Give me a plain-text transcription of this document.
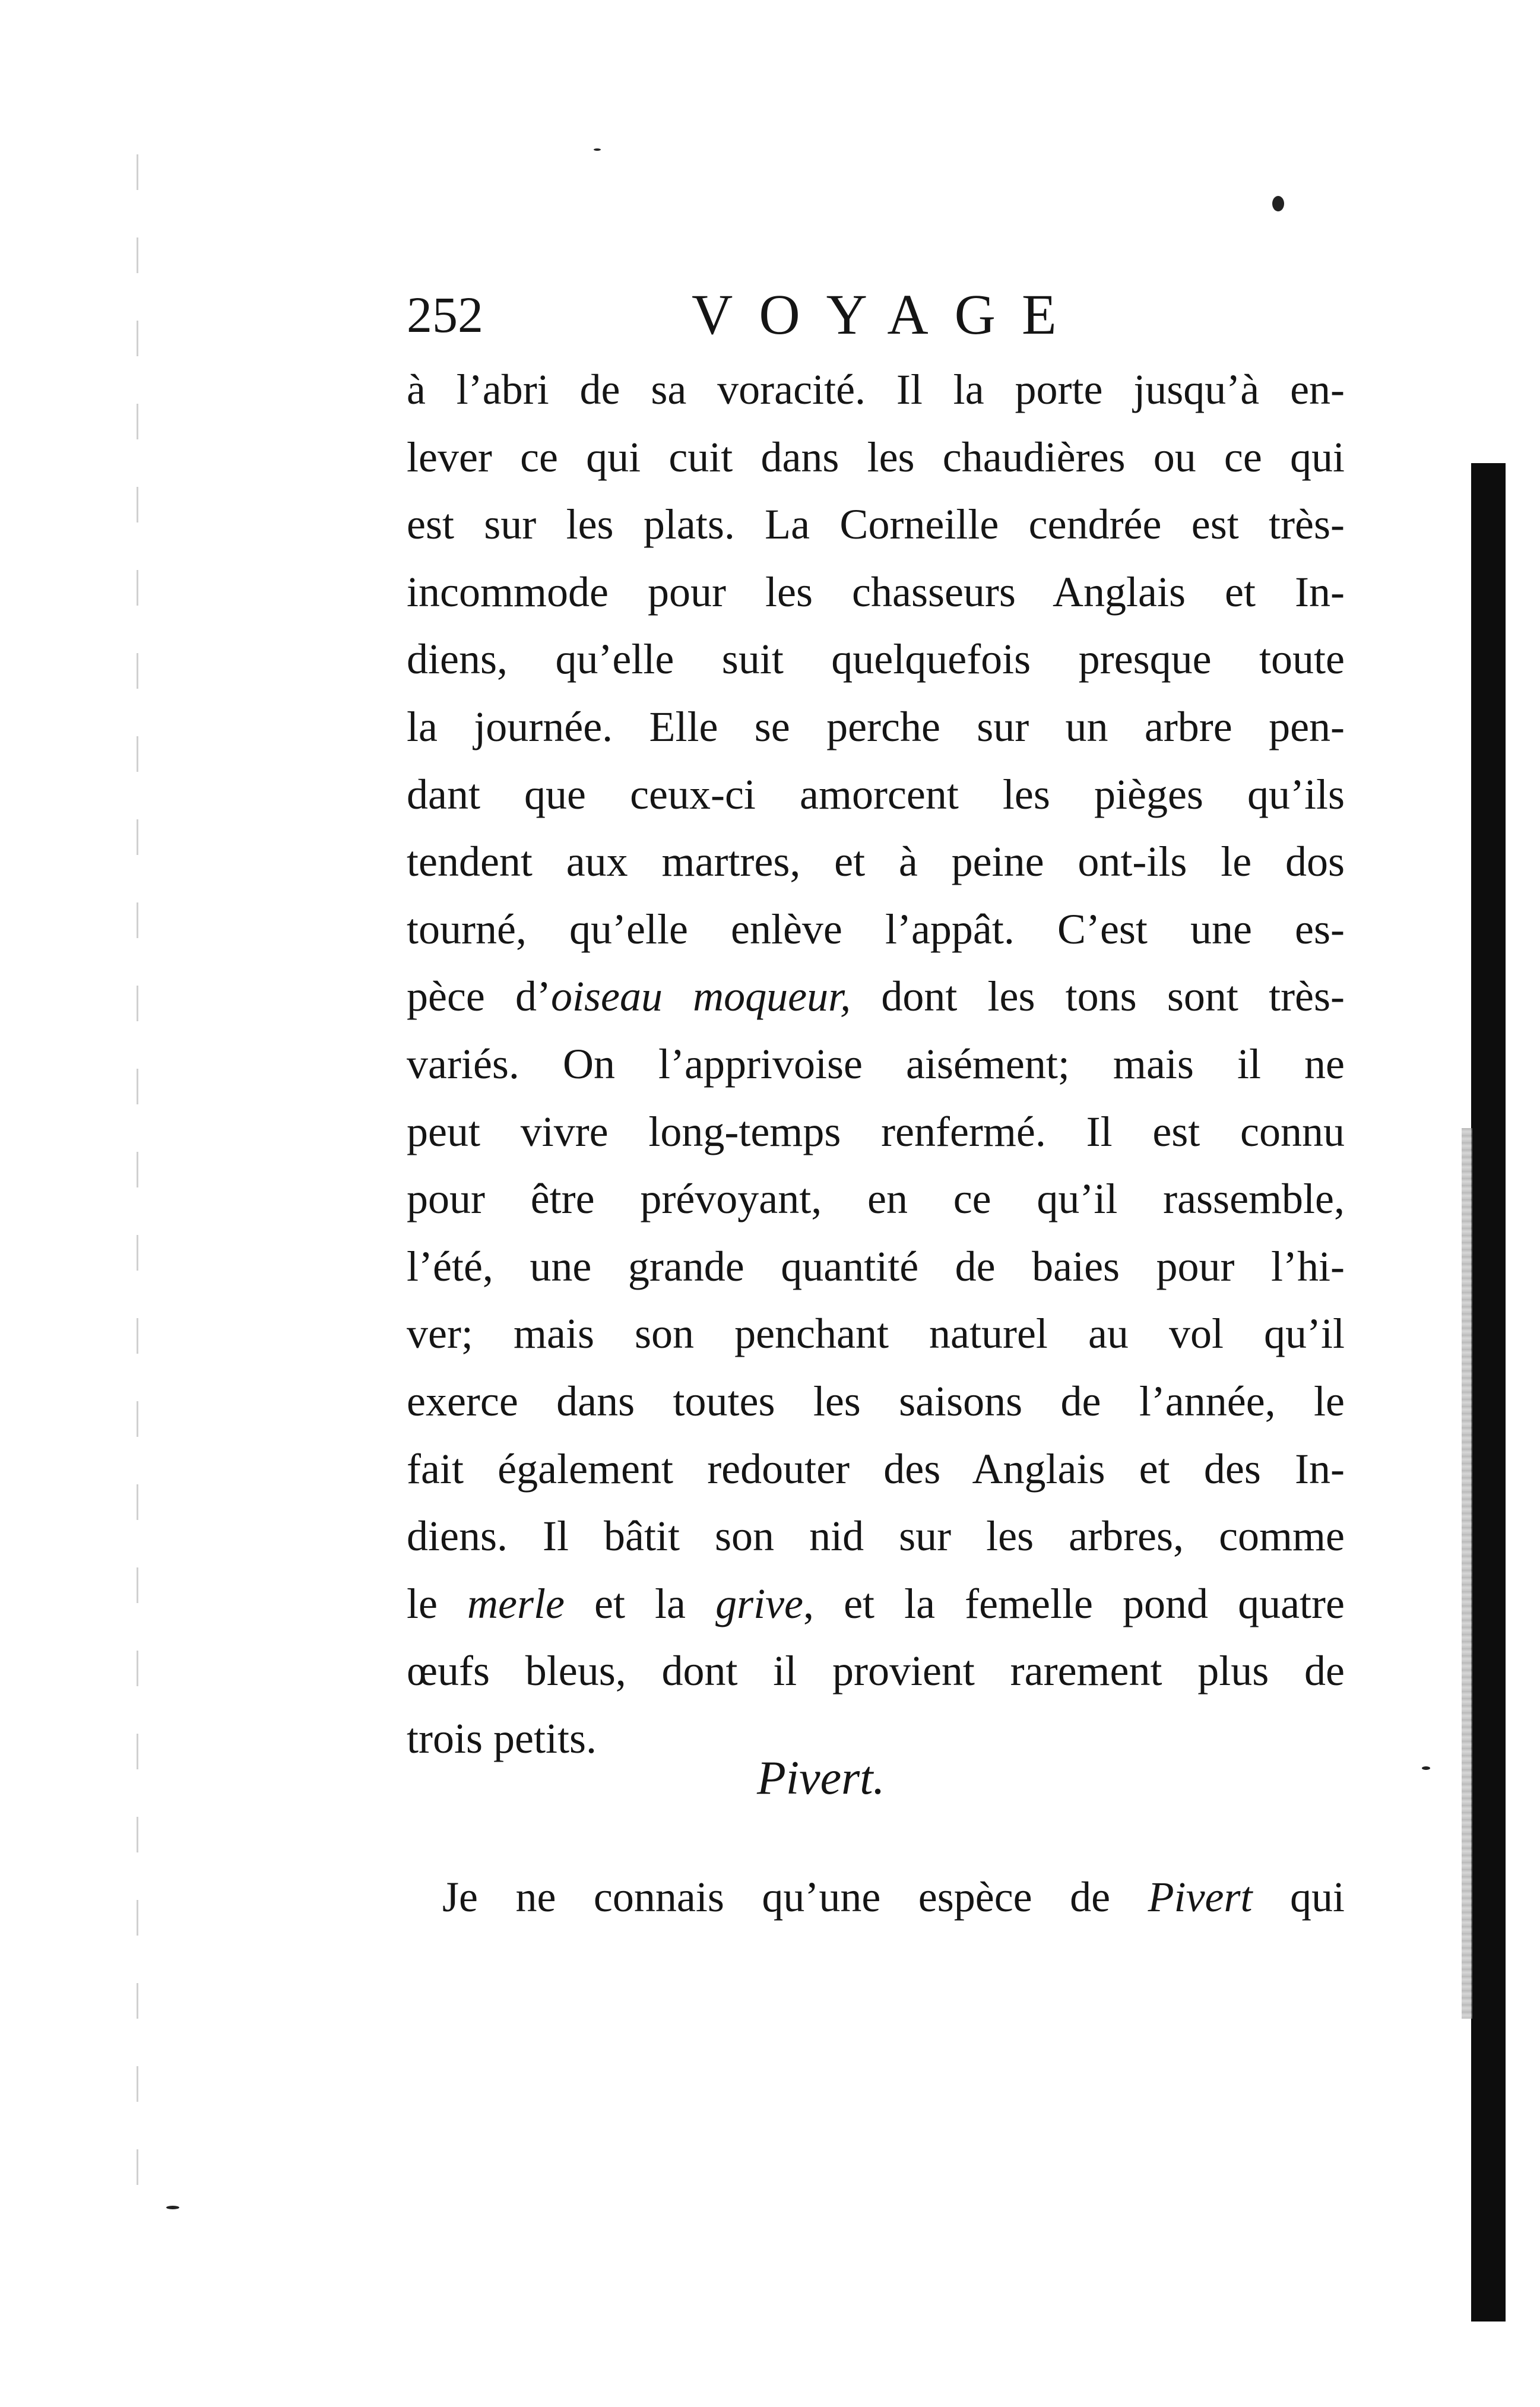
252	VOYAGE
à l’abri de sa voracité. Il la porte jusqu’à en-
lever ce qui cuit dans les chaudières ou ce qui
est sur les plats. La Corneille cendrée est très-
incommode pour les chasseurs Anglais et In-
diens, qu’elle suit quelquefois presque toute
la journée. Elle se perche sur un arbre pen-
dant que ceux-ci amorcent les pièges qu’ils
tendent aux martres, et à peine ont-ils le dos
tourné, qu’elle enlève l’appât. C’est une es-
pèce d’oiseau moqueur, dont les tons sont très-
variés. On l’apprivoise aisément; mais il ne
peut vivre long-temps renfermé. Il est connu
pour être prévoyant, en ce qu’il rassemble,
l’été, une grande quantité de baies pour l’hi-
ver; mais son penchant naturel au vol qu’il
exerce dans toutes les saisons de l’année, le
fait également redouter des Anglais et des In-
diens. Il bâtit son nid sur les arbres, comme
le merle et la grive, et la femelle pond quatre
œufs bleus, dont il provient rarement plus de
trois petits.
Pivert.
Je ne connais qu’une espèce de Pivert qui
